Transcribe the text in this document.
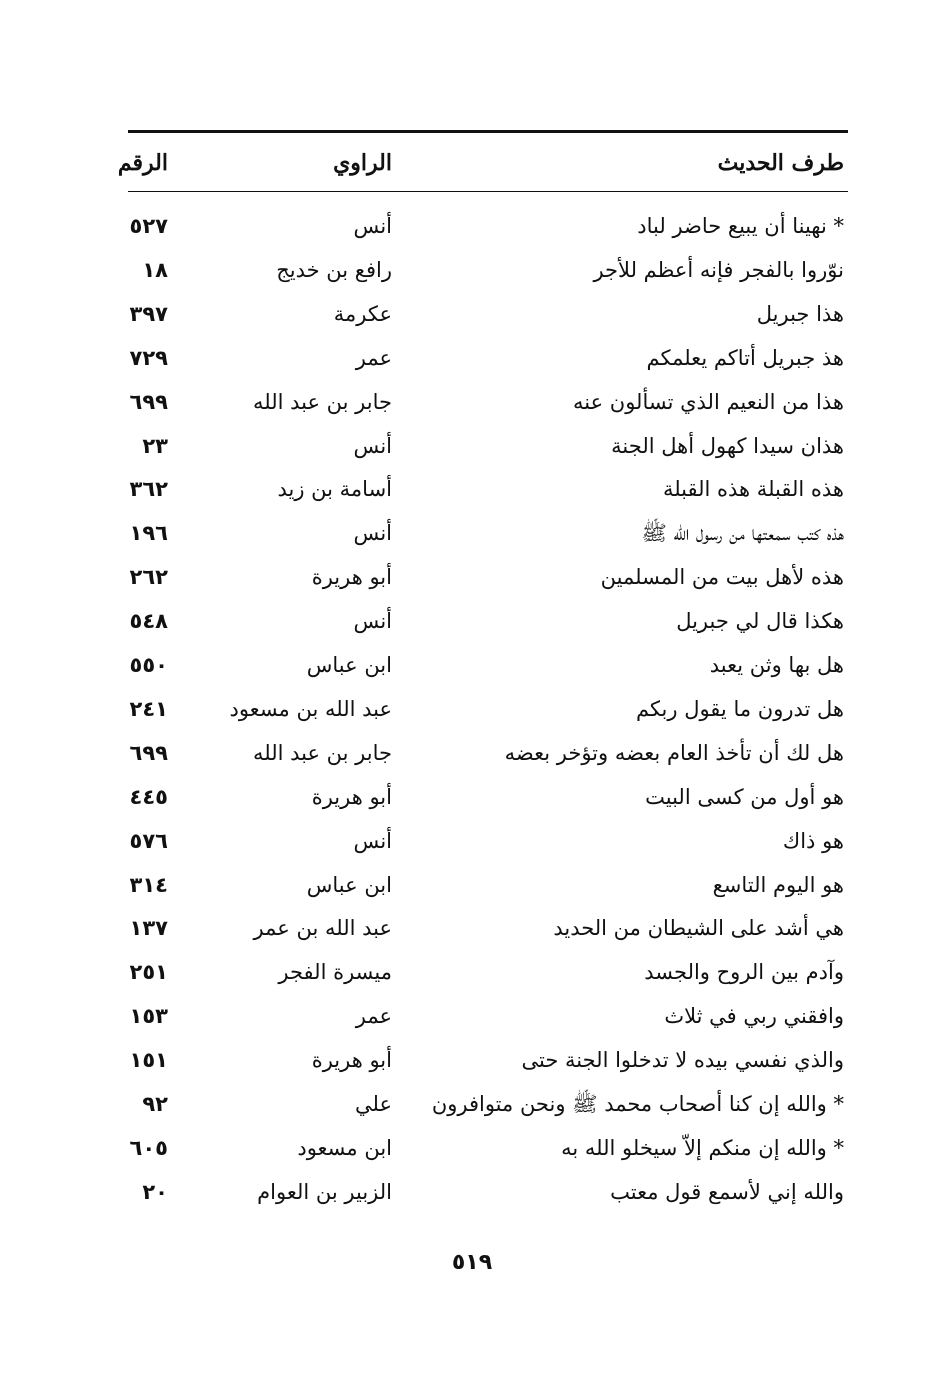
طرف الحديث
الراوي
الرقم
* نهينا أن يبيع حاضر لباد
أنس
٥٢٧
نوّروا بالفجر فإنه أعظم للأجر
رافع بن خديج
١٨
هذا جبريل
عكرمة
٣٩٧
هذ جبريل أتاكم يعلمكم
عمر
٧٢٩
هذا من النعيم الذي تسألون عنه
جابر بن عبد الله
٦٩٩
هذان سيدا كهول أهل الجنة
أنس
٢٣
هذه القبلة هذه القبلة
أسامة بن زيد
٣٦٢
هذه كتب سمعتها من رسول الله ﷺ
أنس
١٩٦
هذه لأهل بيت من المسلمين
أبو هريرة
٢٦٢
هكذا قال لي جبريل
أنس
٥٤٨
هل بها وثن يعبد
ابن عباس
٥٥٠
هل تدرون ما يقول ربكم
عبد الله بن مسعود
٢٤١
هل لك أن تأخذ العام بعضه وتؤخر بعضه
جابر بن عبد الله
٦٩٩
هو أول من كسى البيت
أبو هريرة
٤٤٥
هو ذاك
أنس
٥٧٦
هو اليوم التاسع
ابن عباس
٣١٤
هي أشد على الشيطان من الحديد
عبد الله بن عمر
١٣٧
وآدم بين الروح والجسد
ميسرة الفجر
٢٥١
وافقني ربي في ثلاث
عمر
١٥٣
والذي نفسي بيده لا تدخلوا الجنة حتى
أبو هريرة
١٥١
* والله إن كنا أصحاب محمد ﷺ ونحن متوافرون
علي
٩٢
* والله إن منكم إلاّ سيخلو الله به
ابن مسعود
٦٠٥
والله إني لأسمع قول معتب
الزبير بن العوام
٢٠
٥١٩
